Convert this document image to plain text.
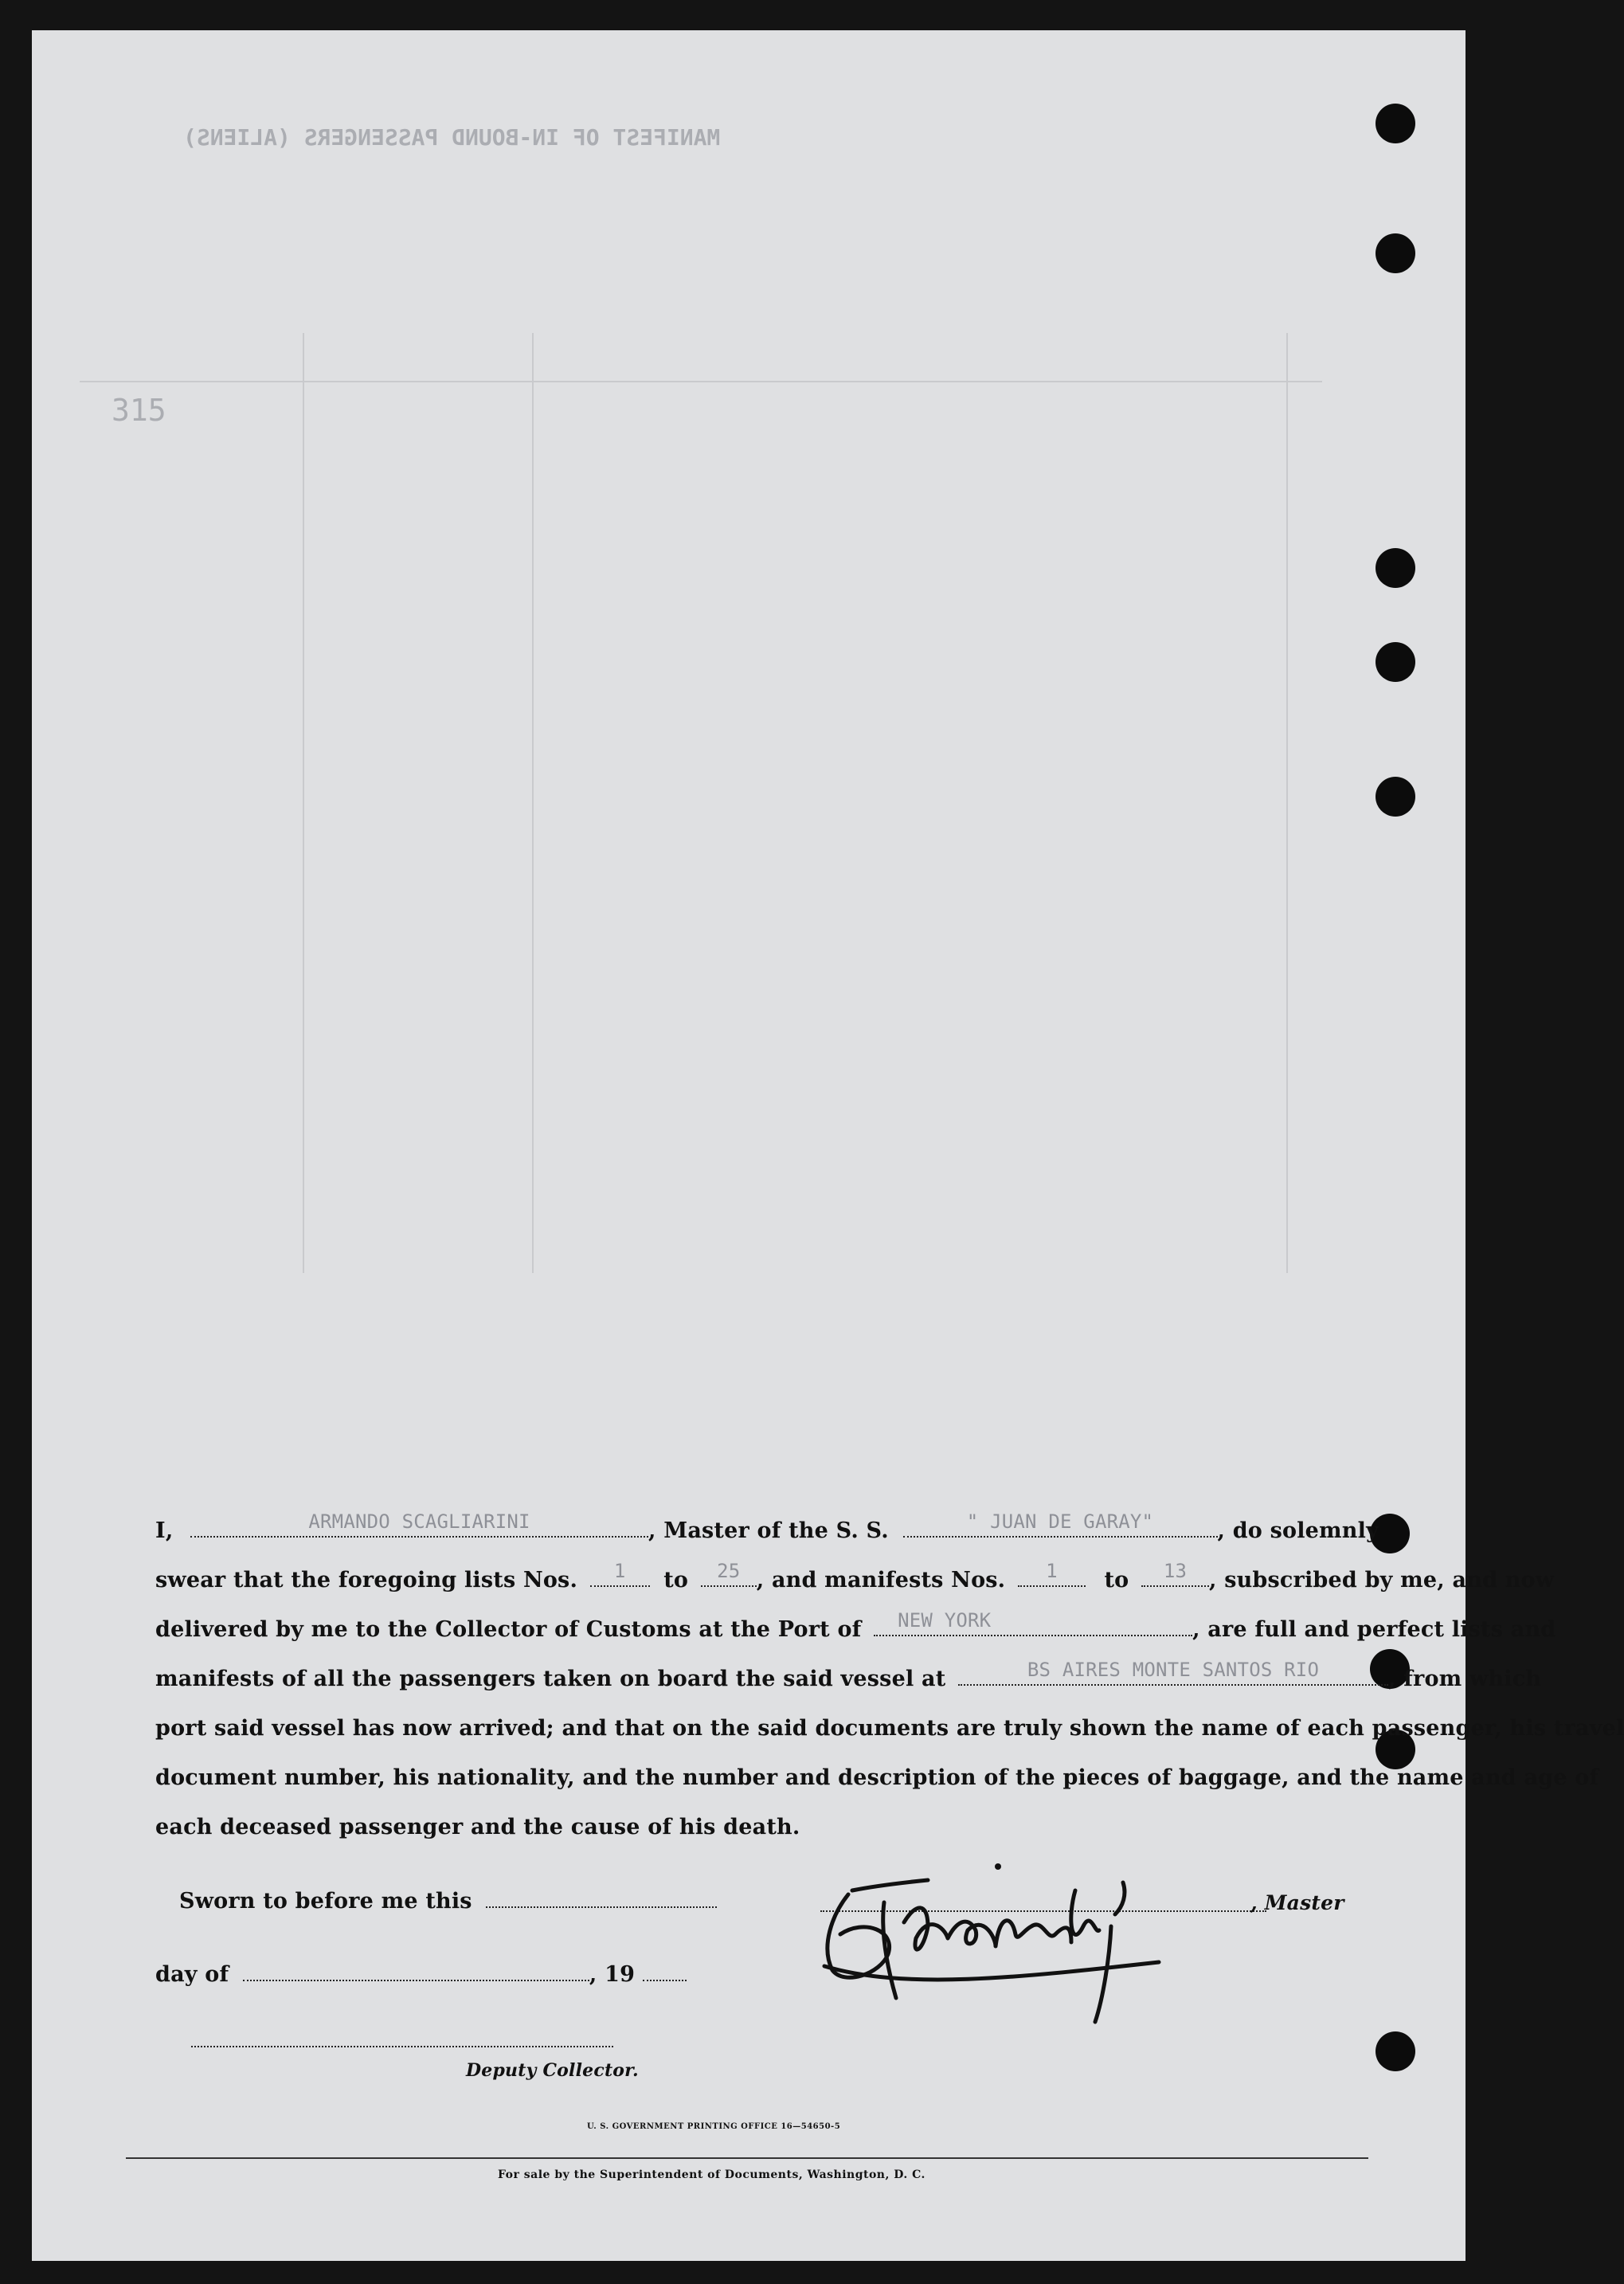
MANIFEST OF IN-BOUND PASSENGERS (ALIENS)
315
I,	ARMANDO SCAGLIARINI	, Master of the S. S.	" JUAN DE GARAY"	, do solemnly
swear that the foregoing lists Nos.	1	to	25 , and manifests Nos.	1	to	13	, subscribed by me, and now
delivered by me to the Collector of Customs at the Port of	NEW YORK	, are full and perfect lists and
manifests of all the passengers taken on board the said vessel at	BS AIRES MONTE SANTOS RIO	, from which
port said vessel has now arrived; and that on the said documents are truly shown the name of each passenger, his travel
document number, his nationality, and the number and description of the pieces of baggage, and the name and age of
each deceased passenger and the cause of his death.
Sworn to before me this
day of	, 19
Deputy Collector.
, Master
U. S. GOVERNMENT PRINTING OFFICE 16—54650-5
For sale by the Superintendent of Documents, Washington, D. C.
